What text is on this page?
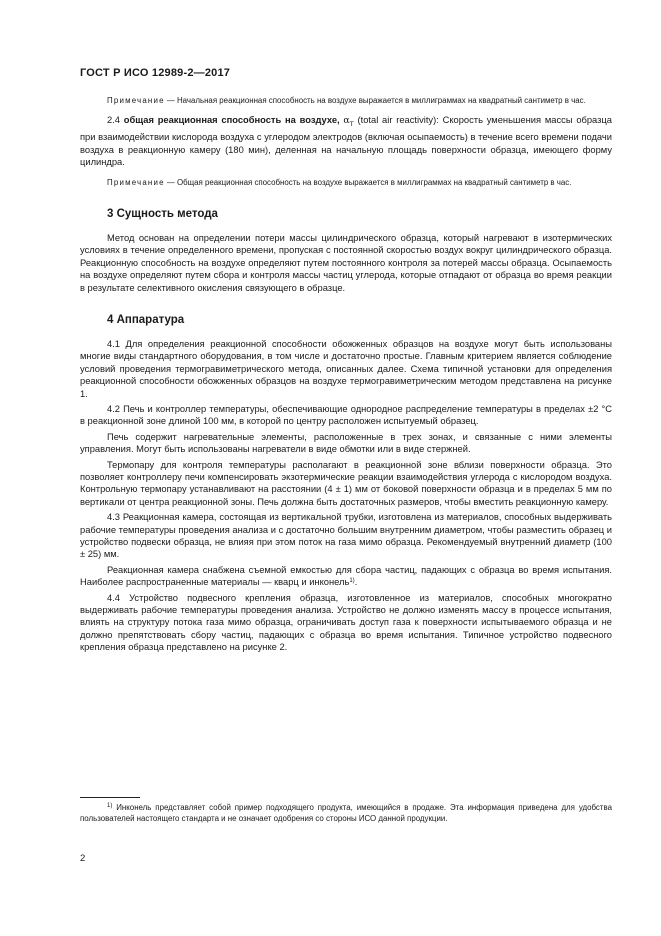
ГОСТ Р ИСО 12989-2—2017

Примечание — Начальная реакционная способность на воздухе выражается в миллиграммах на квадратный сантиметр в час.

2.4 общая реакционная способность на воздухе, $\alpha_T$ (total air reactivity): Скорость уменьшения массы образца при взаимодействии кислорода воздуха с углеродом электродов (включая осыпаемость) в течение всего времени подачи воздуха в реакционную камеру (180 мин), деленная на начальную площадь поверхности образца, имеющего форму цилиндра.

Примечание — Общая реакционная способность на воздухе выражается в миллиграммах на квадратный сантиметр в час.

3 Сущность метода

Метод основан на определении потери массы цилиндрического образца, который нагревают в изотермических условиях в течение определенного времени, пропуская с постоянной скоростью воздух вокруг цилиндрического образца. Реакционную способность на воздухе определяют путем постоянного контроля за потерей массы образца. Осыпаемость на воздухе определяют путем сбора и контроля массы частиц углерода, которые отпадают от образца во время реакции в результате селективного окисления связующего в образце.

4 Аппаратура

4.1 Для определения реакционной способности обожженных образцов на воздухе могут быть использованы многие виды стандартного оборудования, в том числе и достаточно простые. Главным критерием является соблюдение условий проведения термогравиметрического метода, описанных далее. Схема типичной установки для определения реакционной способности обожженных образцов на воздухе термогравиметрическим методом представлена на рисунке 1.

4.2 Печь и контроллер температуры, обеспечивающие однородное распределение температуры в пределах ±2 °C в реакционной зоне длиной 100 мм, в которой по центру расположен испытуемый образец.

Печь содержит нагревательные элементы, расположенные в трех зонах, и связанные с ними элементы управления. Могут быть использованы нагреватели в виде обмотки или в виде стержней.

Термопару для контроля температуры располагают в реакционной зоне вблизи поверхности образца. Это позволяет контроллеру печи компенсировать экзотермические реакции взаимодействия углерода с кислородом воздуха. Контрольную термопару устанавливают на расстоянии (4 ± 1) мм от боковой поверхности образца и в пределах 5 мм по вертикали от центра реакционной зоны. Печь должна быть достаточных размеров, чтобы вместить реакционную камеру.

4.3 Реакционная камера, состоящая из вертикальной трубки, изготовлена из материалов, способных выдерживать рабочие температуры проведения анализа и с достаточно большим внутренним диаметром, чтобы разместить образец и устройство подвески образца, не влияя при этом поток на газа мимо образца. Рекомендуемый внутренний диаметр (100 ± 25) мм.

Реакционная камера снабжена съемной емкостью для сбора частиц, падающих с образца во время испытания. Наиболее распространенные материалы — кварц и инконель$^{1)}$.

4.4 Устройство подвесного крепления образца, изготовленное из материалов, способных многократно выдерживать рабочие температуры проведения анализа. Устройство не должно изменять массу в процессе испытания, влиять на структуру потока газа мимо образца, ограничивать доступ газа к поверхности испытываемого образца и не должно препятствовать сбору частиц, падающих с образца во время испытания. Типичное устройство подвесного крепления образца представлено на рисунке 2.

$^{1)}$ Инконель представляет собой пример подходящего продукта, имеющийся в продаже. Эта информация приведена для удобства пользователей настоящего стандарта и не означает одобрения со стороны ИСО данной продукции.

2
